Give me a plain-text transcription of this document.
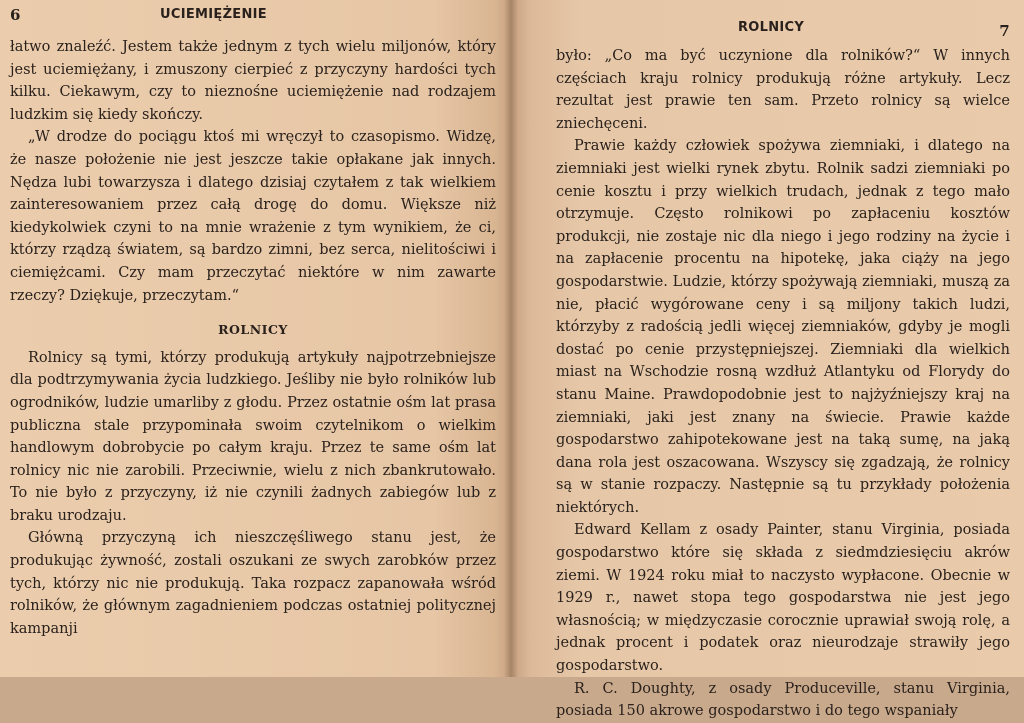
6	UCIEMIĘŻENIE

łatwo znaleźć. Jestem także jednym z tych wielu miljonów, który jest uciemiężany, i zmuszony cierpieć z przyczyny hardości tych kilku. Ciekawym, czy to nieznośne uciemiężenie nad rodzajem ludzkim się kiedy skończy.

„W drodze do pociągu ktoś mi wręczył to czasopismo. Widzę, że nasze położenie nie jest jeszcze takie opłakane jak innych. Nędza lubi towarzysza i dlatego dzisiaj czytałem z tak wielkiem zainteresowaniem przez całą drogę do domu. Większe niż kiedykolwiek czyni to na mnie wrażenie z tym wynikiem, że ci, którzy rządzą światem, są bardzo zimni, bez serca, nielitościwi i ciemiężcami. Czy mam przeczytać niektóre w nim zawarte rzeczy? Dziękuje, przeczytam.“

ROLNICY

Rolnicy są tymi, którzy produkują artykuły najpotrzebniejsze dla podtrzymywania życia ludzkiego. Jeśliby nie było rolników lub ogrodników, ludzie umarliby z głodu. Przez ostatnie ośm lat prasa publiczna stale przypominała swoim czytelnikom o wielkim handlowym dobrobycie po całym kraju. Przez te same ośm lat rolnicy nic nie zarobili. Przeciwnie, wielu z nich zbankrutowało. To nie było z przyczyny, iż nie czynili żadnych zabiegów lub z braku urodzaju.

Główną przyczyną ich nieszczęśliwego stanu jest, że produkując żywność, zostali oszukani ze swych zarobków przez tych, którzy nic nie produkują. Taka rozpacz zapanowała wśród rolników, że głównym zagadnieniem podczas ostatniej politycznej kampanji

ROLNICY	7

było: „Co ma być uczynione dla rolników?“ W innych częściach kraju rolnicy produkują różne artykuły. Lecz rezultat jest prawie ten sam. Przeto rolnicy są wielce zniechęceni.

Prawie każdy człowiek spożywa ziemniaki, i dlatego na ziemniaki jest wielki rynek zbytu. Rolnik sadzi ziemniaki po cenie kosztu i przy wielkich trudach, jednak z tego mało otrzymuje. Często rolnikowi po zapłaceniu kosztów produkcji, nie zostaje nic dla niego i jego rodziny na życie i na zapłacenie procentu na hipotekę, jaka ciąży na jego gospodarstwie. Ludzie, którzy spożywają ziemniaki, muszą za nie, płacić wygórowane ceny i są miljony takich ludzi, którzyby z radością jedli więcej ziemniaków, gdyby je mogli dostać po cenie przystępniejszej. Ziemniaki dla wielkich miast na Wschodzie rosną wzdłuż Atlantyku od Florydy do stanu Maine. Prawdopodobnie jest to najżyźniejszy kraj na ziemniaki, jaki jest znany na świecie. Prawie każde gospodarstwo zahipotekowane jest na taką sumę, na jaką dana rola jest oszacowana. Wszyscy się zgadzają, że rolnicy są w stanie rozpaczy. Następnie są tu przykłady położenia niektórych.

Edward Kellam z osady Painter, stanu Virginia, posiada gospodarstwo które się składa z siedmdziesięciu akrów ziemi. W 1924 roku miał to naczysto wypłacone. Obecnie w 1929 r., nawet stopa tego gospodarstwa nie jest jego własnością; w międzyczasie corocznie uprawiał swoją rolę, a jednak procent i podatek oraz nieurodzaje strawiły jego gospodarstwo.

R. C. Doughty, z osady Produceville, stanu Virginia, posiada 150 akrowe gospodarstwo i do tego wspaniały
